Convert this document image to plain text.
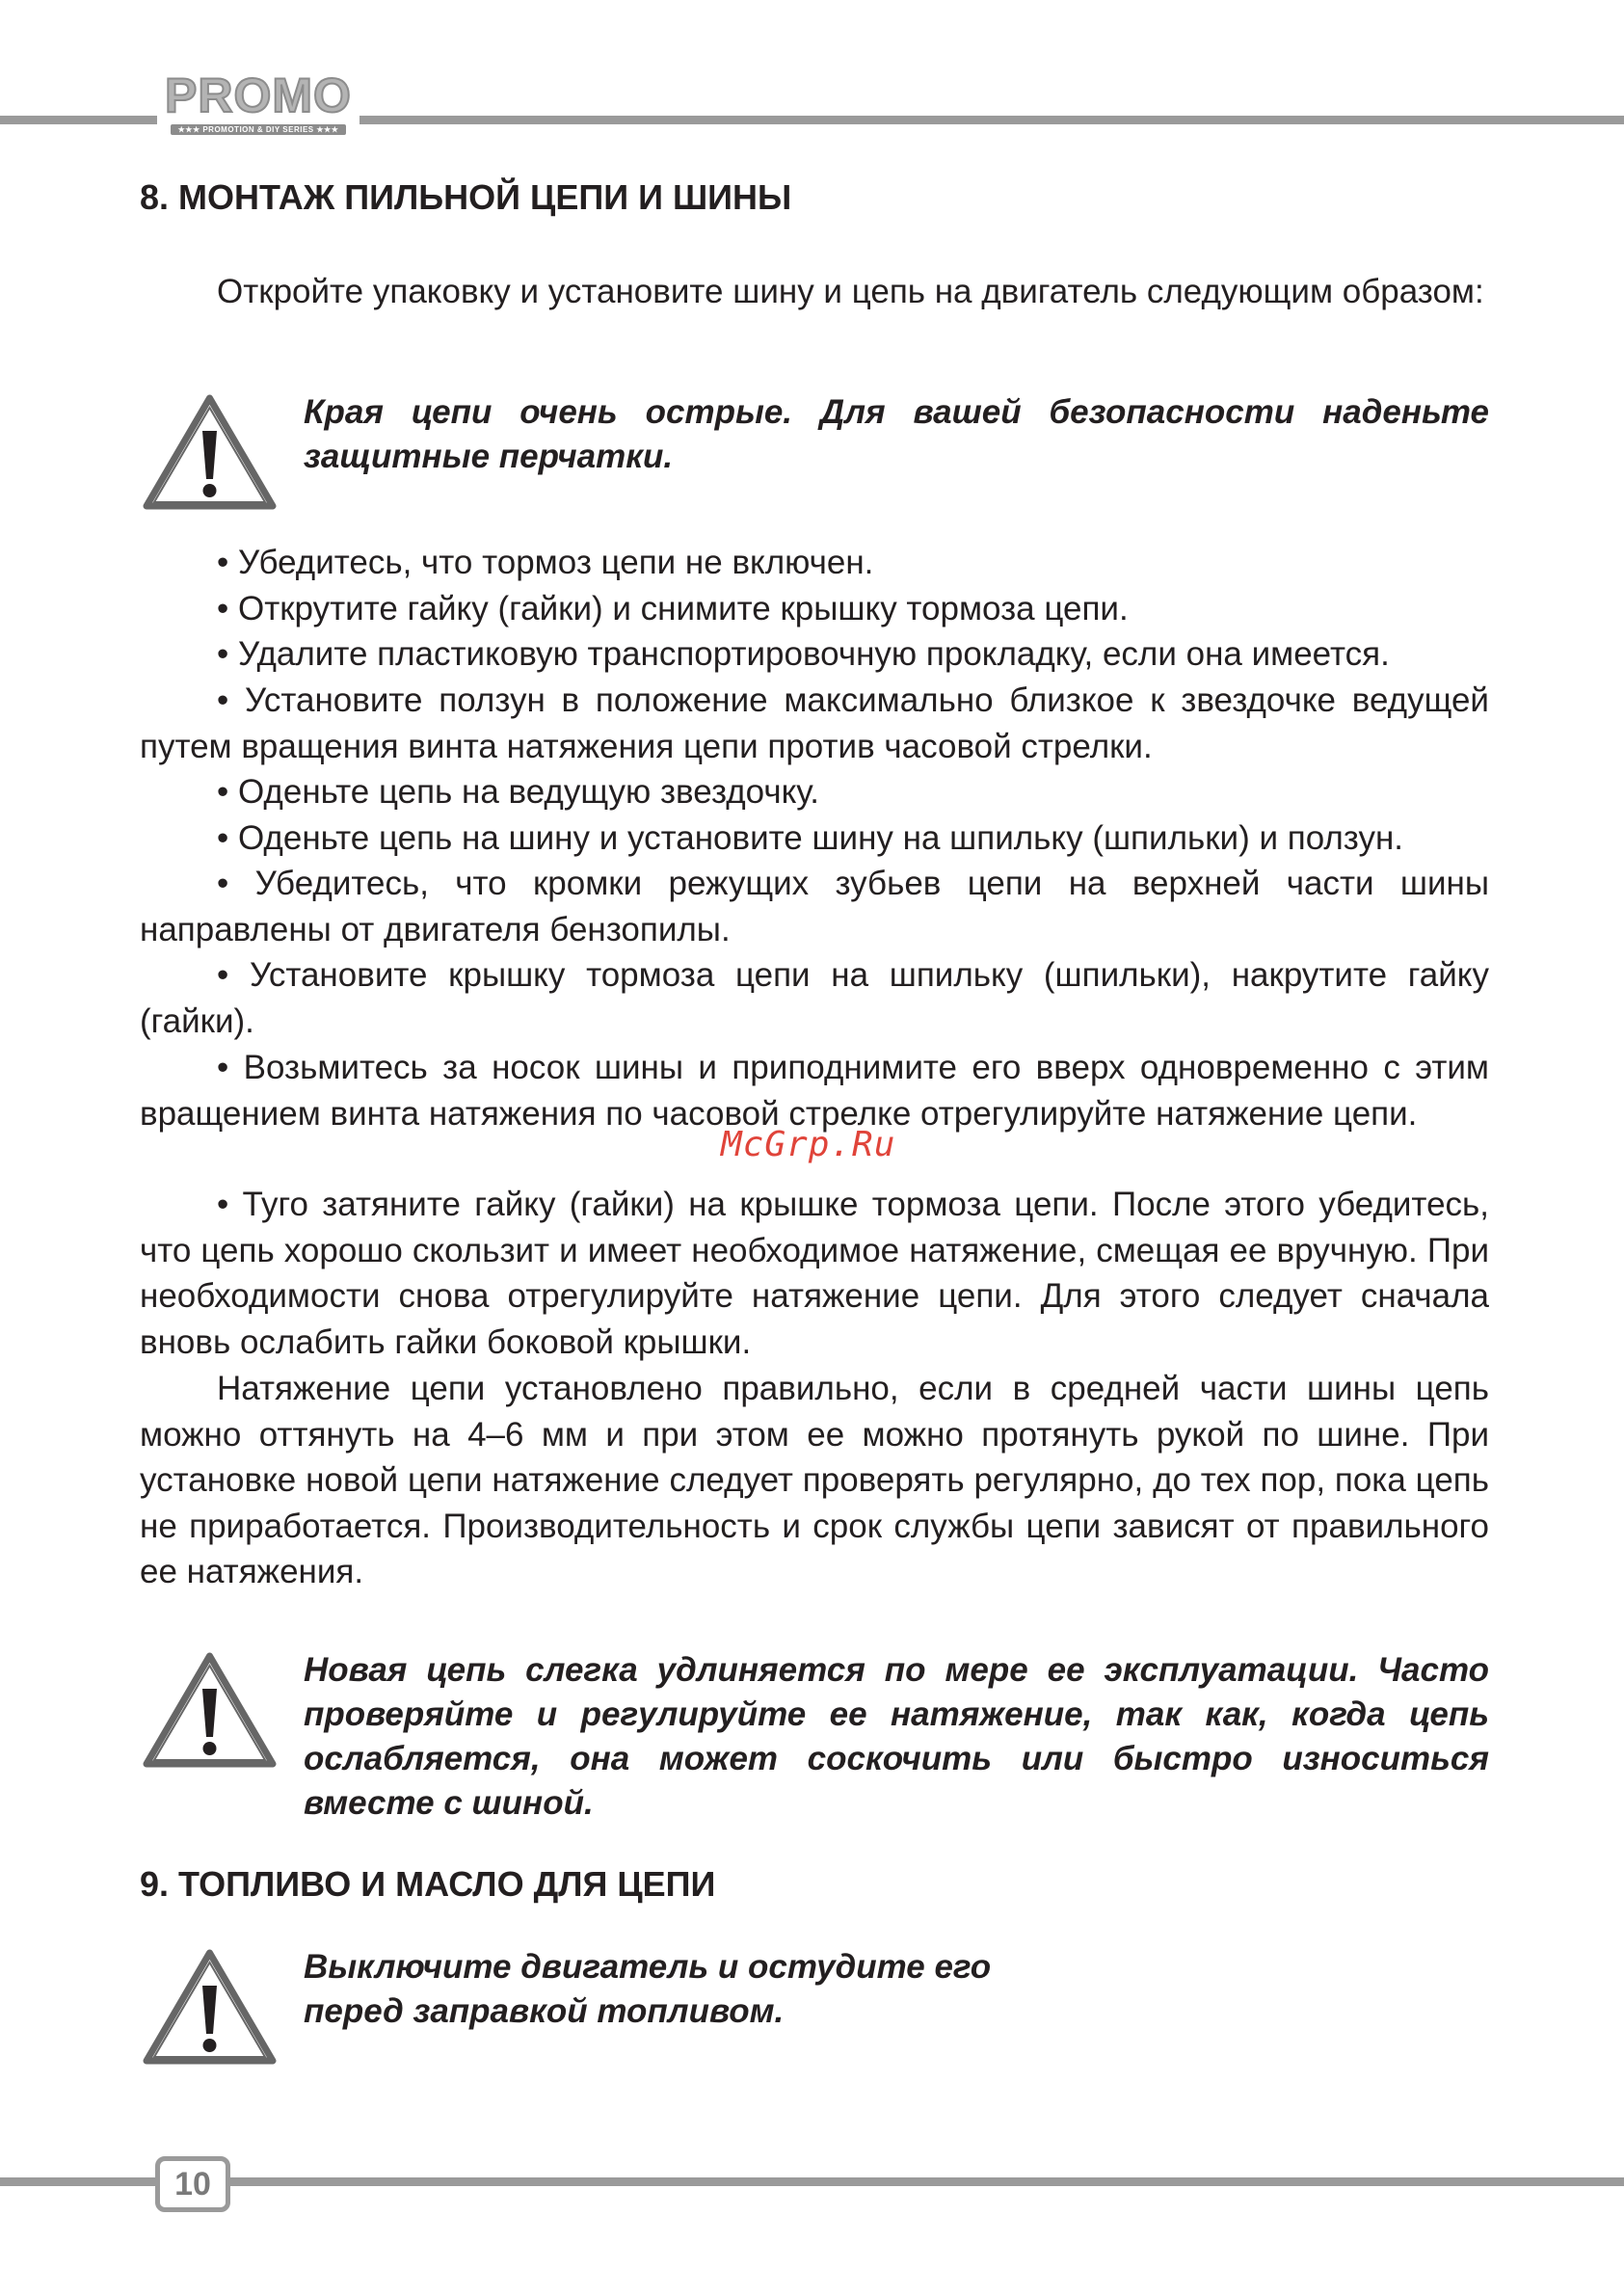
PROMO
★★★ PROMOTION & DIY SERIES ★★★
8. МОНТАЖ ПИЛЬНОЙ ЦЕПИ И ШИНЫ

Откройте упаковку и установите шину и цепь на двигатель следующим образом:

Края цепи очень острые. Для вашей безопасности наденьте защитные перчатки.

• Убедитесь, что тормоз цепи не включен.

• Открутите гайку (гайки) и снимите крышку тормоза цепи.

• Удалите пластиковую транспортировочную прокладку, если она имеется.

• Установите ползун в положение максимально близкое к звездочке ведущей путем вращения винта натяжения цепи против часовой стрелки.

• Оденьте цепь на ведущую звездочку.

• Оденьте цепь на шину и установите шину на шпильку (шпильки) и ползун.

• Убедитесь, что кромки режущих зубьев цепи на верхней части шины направлены от двигателя бензопилы.

• Установите крышку тормоза цепи на шпильку (шпильки), накрутите гайку (гайки).

• Возьмитесь за носок шины и приподнимите его вверх одновременно с этим вращением винта натяжения по часовой стрелке отрегулируйте натяжение цепи.

• Туго затяните гайку (гайки) на крышке тормоза цепи. После этого убедитесь, что цепь хорошо скользит и имеет необходимое натяжение, смещая ее вручную. При необходимости снова отрегулируйте натяжение цепи. Для этого следует сначала вновь ослабить гайки боковой крышки.

Натяжение цепи установлено правильно, если в средней части шины цепь можно оттянуть на 4–6 мм и при этом ее можно протянуть рукой по шине. При установке новой цепи натяжение следует проверять регулярно, до тех пор, пока цепь не приработается. Производительность и срок службы цепи зависят от правильного ее натяжения.

Новая цепь слегка удлиняется по мере ее эксплуатации. Часто проверяйте и регулируйте ее натяжение, так как, когда цепь ослабляется, она может соскочить или быстро износиться вместе с шиной.
9. ТОПЛИВО И МАСЛО ДЛЯ ЦЕПИ
Выключите двигатель и остудите его перед заправкой топливом.
McGrp.Ru
10
